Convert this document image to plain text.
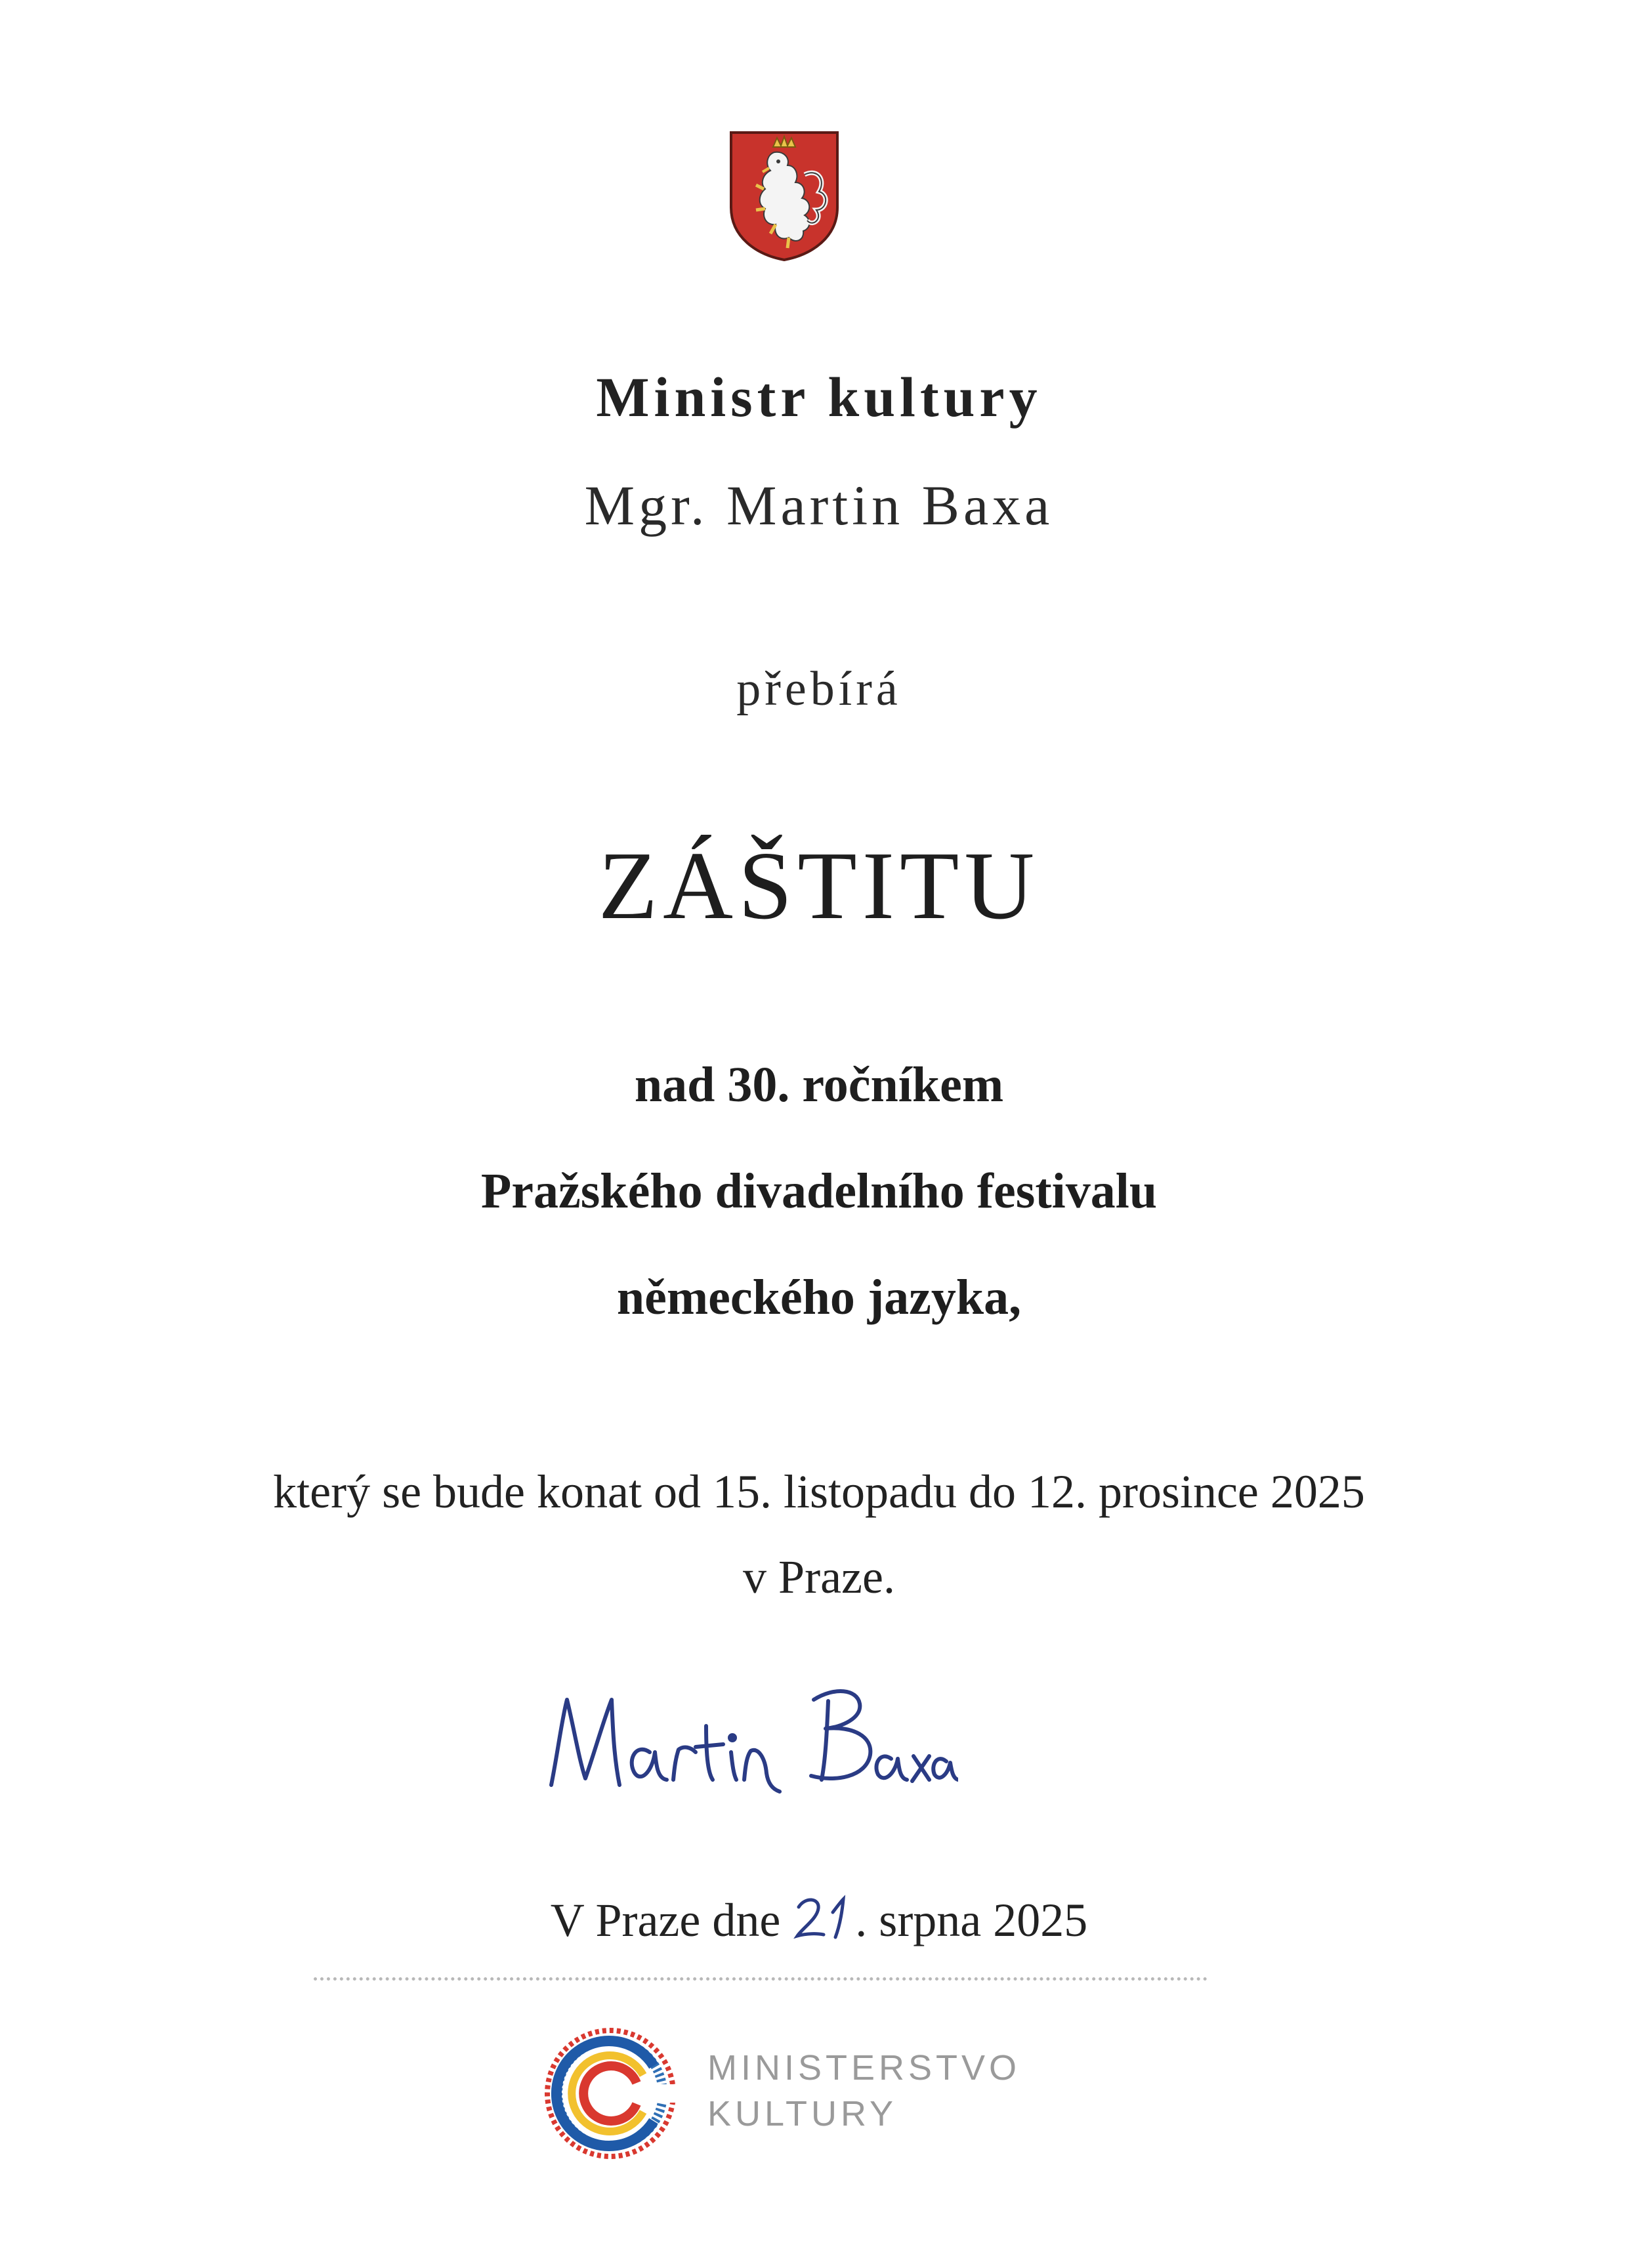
Ministr kultury
Mgr. Martin Baxa
přebírá
ZÁŠTITU
nad 30. ročníkem
Pražského divadelního festivalu
německého jazyka,
který se bude konat od 15. listopadu do 12. prosince 2025
v Praze.
V Praze dne . srpna 2025
MINISTERSTVO
KULTURY
